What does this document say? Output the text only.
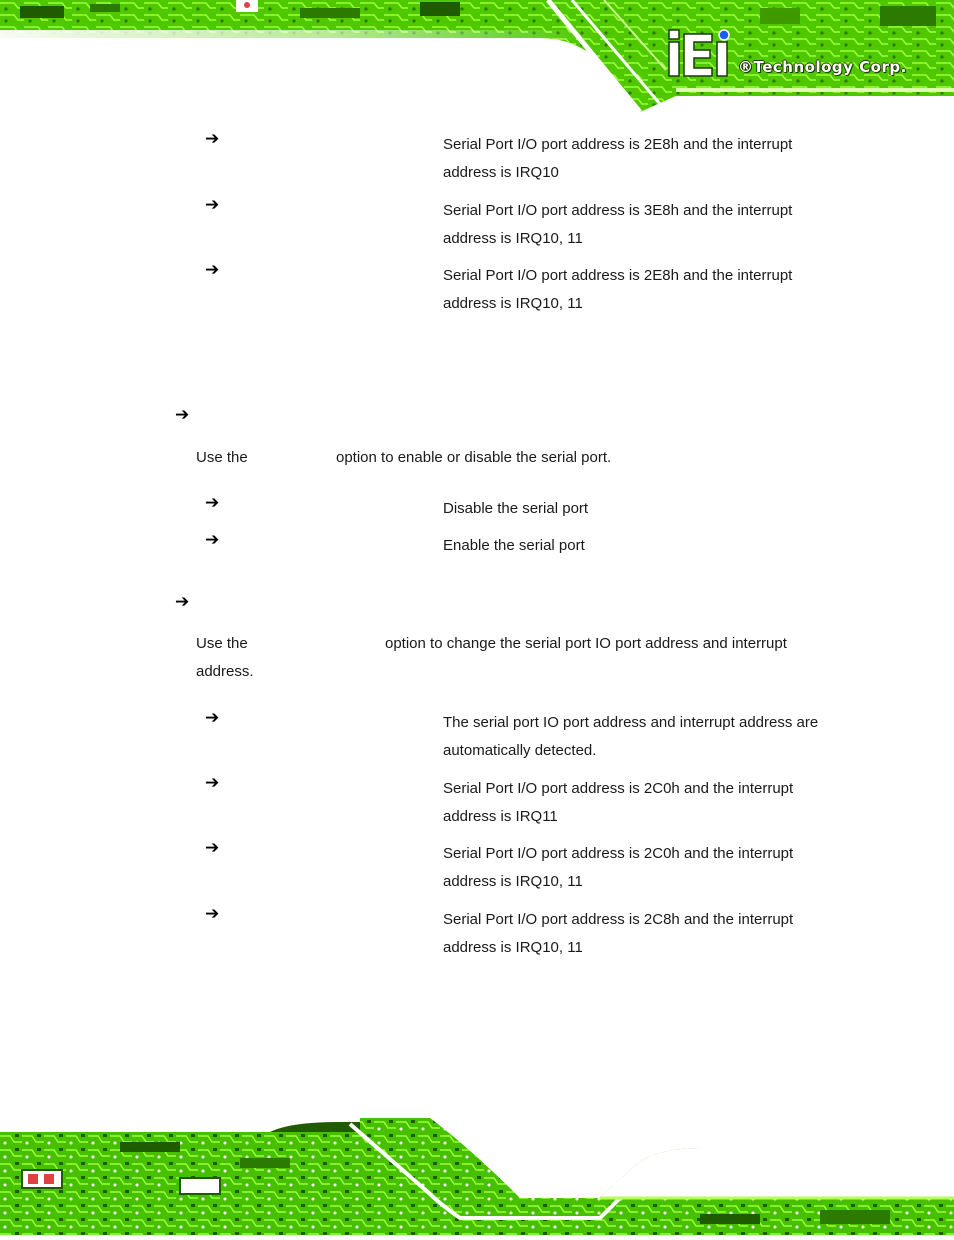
®Technology Corp.
➔	Serial Port I/O port address is 2E8h and the interrupt address is IRQ10
➔	Serial Port I/O port address is 3E8h and the interrupt address is IRQ10, 11
➔	Serial Port I/O port address is 2E8h and the interrupt address is IRQ10, 11
➔
Use the	option to enable or disable the serial port.
➔	Disable the serial port
➔	Enable the serial port
➔
Use the	option to change the serial port IO port address and interrupt
address.
➔	The serial port IO port address and interrupt address are automatically detected.
➔	Serial Port I/O port address is 2C0h and the interrupt address is IRQ11
➔	Serial Port I/O port address is 2C0h and the interrupt address is IRQ10, 11
➔	Serial Port I/O port address is 2C8h and the interrupt address is IRQ10, 11
